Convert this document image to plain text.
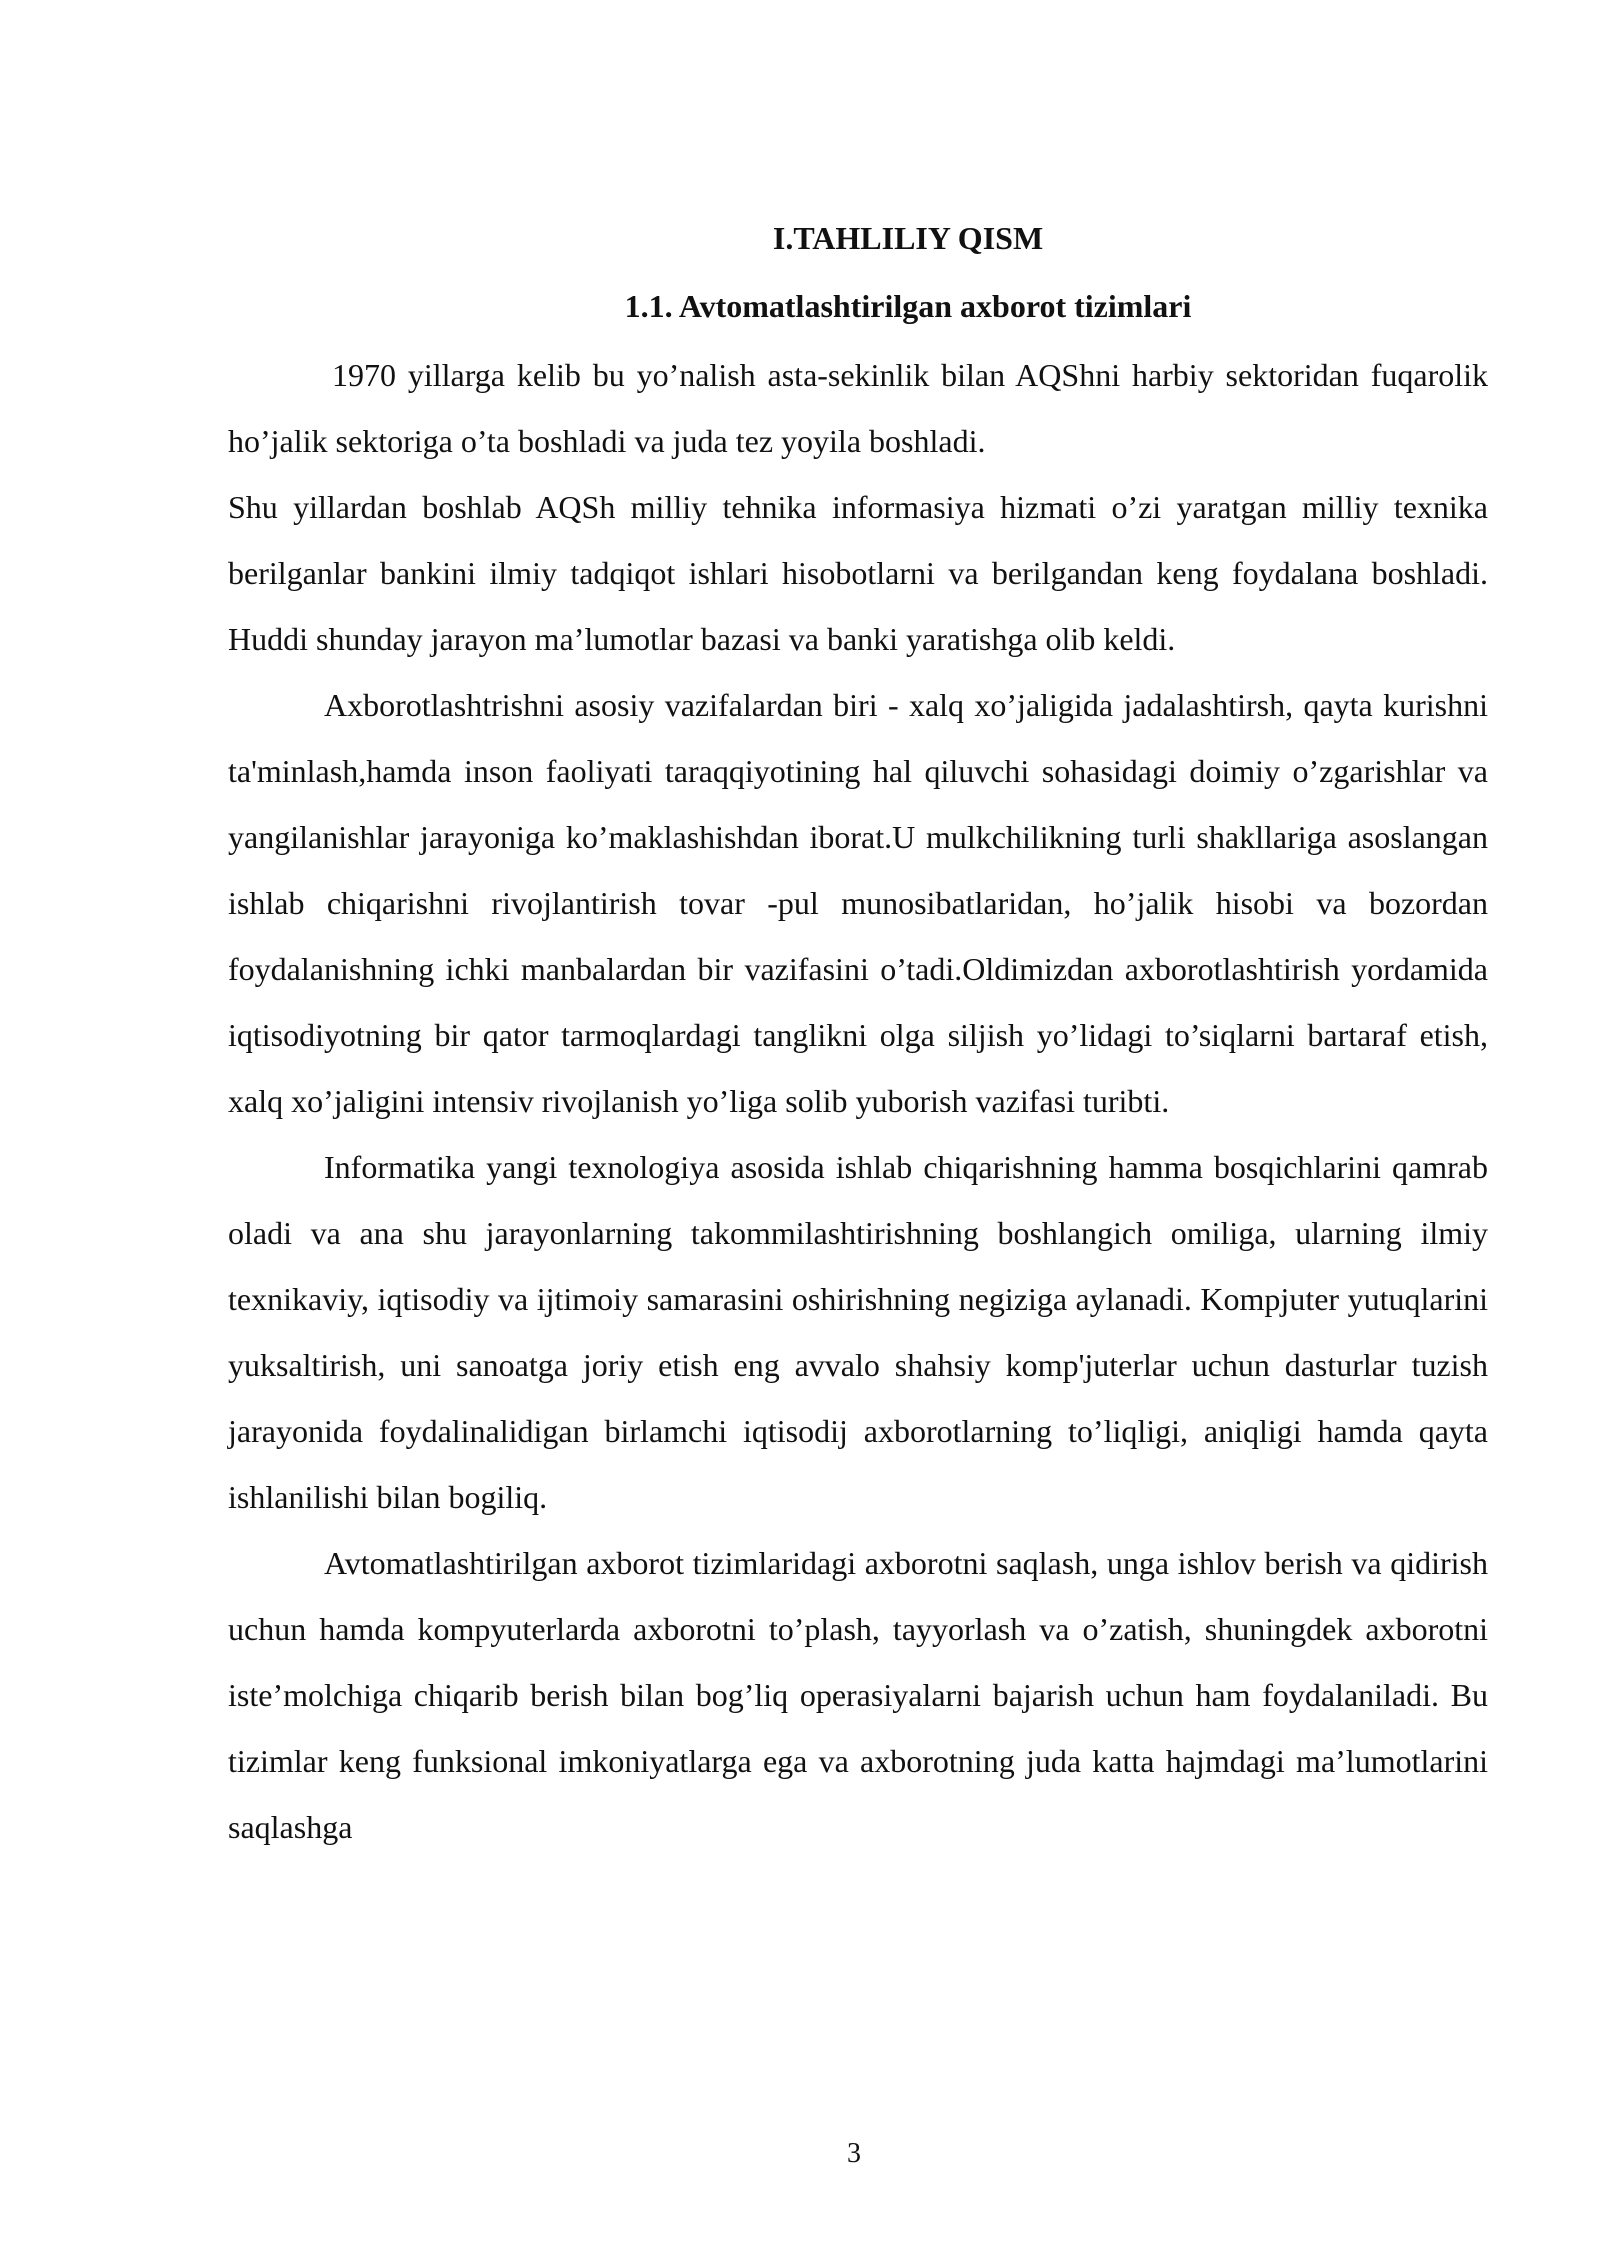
I.TAHLILIY QISM
1.1. Avtomatlashtirilgan axborot tizimlari

1970 yillarga kelib bu yo’nalish asta-sekinlik bilan AQShni harbiy sektoridan fuqarolik ho’jalik sektoriga o’ta boshladi va juda tez yoyila boshladi.

Shu yillardan boshlab AQSh milliy tehnika informasiya hizmati o’zi yaratgan milliy texnika berilganlar bankini ilmiy tadqiqot ishlari hisobotlarni va berilgandan keng foydalana boshladi. Huddi shunday jarayon ma’lumotlar bazasi va banki yaratishga olib keldi.

Axborotlashtrishni asosiy vazifalardan biri - xalq xo’jaligida jadalashtirsh, qayta kurishni ta'minlash,hamda inson faoliyati taraqqiyotining hal qiluvchi sohasidagi doimiy o’zgarishlar va yangilanishlar jarayoniga ko’maklashishdan iborat.U mulkchilikning turli shakllariga asoslangan ishlab chiqarishni rivojlantirish tovar -pul munosibatlaridan, ho’jalik hisobi va bozordan foydalanishning ichki manbalardan bir vazifasini o’tadi.Oldimizdan axborotlashtirish yordamida iqtisodiyotning bir qator tarmoqlardagi tanglikni olga siljish yo’lidagi to’siqlarni bartaraf etish, xalq xo’jaligini intensiv rivojlanish yo’liga solib yuborish vazifasi turibti.

Informatika yangi texnologiya asosida ishlab chiqarishning hamma bosqichlarini qamrab oladi va ana shu jarayonlarning takommilashtirishning boshlangich omiliga, ularning ilmiy texnikaviy, iqtisodiy va ijtimoiy samarasini oshirishning negiziga aylanadi. Kompjuter yutuqlarini yuksaltirish, uni sanoatga joriy etish eng avvalo shahsiy komp'juterlar uchun dasturlar tuzish jarayonida foydalinalidigan birlamchi iqtisodij axborotlarning to’liqligi, aniqligi hamda qayta ishlanilishi bilan bogiliq.

Avtomatlashtirilgan axborot tizimlaridagi axborotni saqlash, unga ishlov berish va qidirish uchun hamda kompyuterlarda axborotni to’plash, tayyorlash va o’zatish, shuningdek axborotni iste’molchiga chiqarib berish bilan bog’liq operasiyalarni bajarish uchun ham foydalaniladi. Bu tizimlar keng funksional imkoniyatlarga ega va axborotning juda katta hajmdagi ma’lumotlarini saqlashga

3
